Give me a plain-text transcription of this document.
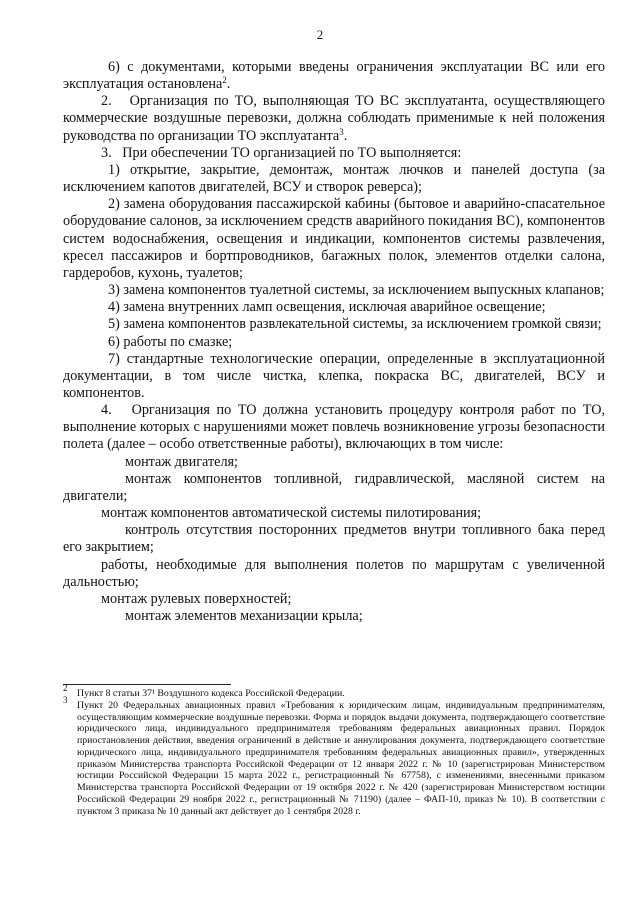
2

6) с документами, которыми введены ограничения эксплуатации ВС или его эксплуатация остановлена$^2$.

2.   Организация по ТО, выполняющая ТО ВС эксплуатанта, осуществляющего коммерческие воздушные перевозки, должна соблюдать применимые к ней положения руководства по организации ТО эксплуатанта$^3$.

3.   При обеспечении ТО организацией по ТО выполняется:

1) открытие, закрытие, демонтаж, монтаж лючков и панелей доступа (за исключением капотов двигателей, ВСУ и створок реверса);

2) замена оборудования пассажирской кабины (бытовое и аварийно-спасательное оборудование салонов, за исключением средств аварийного покидания ВС), компонентов систем водоснабжения, освещения и индикации, компонентов системы развлечения, кресел пассажиров и бортпроводников, багажных полок, элементов отделки салона, гардеробов, кухонь, туалетов;

3) замена компонентов туалетной системы, за исключением выпускных клапанов;

4) замена внутренних ламп освещения, исключая аварийное освещение;

5) замена компонентов развлекательной системы, за исключением громкой связи;

6) работы по смазке;

7) стандартные технологические операции, определенные в эксплуатационной документации, в том числе чистка, клепка, покраска ВС, двигателей, ВСУ и компонентов.

4.   Организация по ТО должна установить процедуру контроля работ по ТО, выполнение которых с нарушениями может повлечь возникновение угрозы безопасности полета (далее – особо ответственные работы), включающих в том числе:

монтаж двигателя;

монтаж компонентов топливной, гидравлической, масляной систем на двигатели;

монтаж компонентов автоматической системы пилотирования;

контроль отсутствия посторонних предметов внутри топливного бака перед его закрытием;

работы, необходимые для выполнения полетов по маршрутам с увеличенной дальностью;

монтаж рулевых поверхностей;

монтаж элементов механизации крыла;

$^2$ Пункт 8 статьи 37¹ Воздушного кодекса Российской Федерации.

$^3$ Пункт 20 Федеральных авиационных правил «Требования к юридическим лицам, индивидуальным предпринимателям, осуществляющим коммерческие воздушные перевозки. Форма и порядок выдачи документа, подтверждающего соответствие юридического лица, индивидуального предпринимателя требованиям федеральных авиационных правил. Порядок приостановления действия, введения ограничений в действие и аннулирования документа, подтверждающего соответствие юридического лица, индивидуального предпринимателя требованиям федеральных авиационных правил», утвержденных приказом Министерства транспорта Российской Федерации от 12 января 2022 г. № 10 (зарегистрирован Министерством юстиции Российской Федерации 15 марта 2022 г., регистрационный № 67758), с изменениями, внесенными приказом Министерства транспорта Российской Федерации от 19 октября 2022 г. № 420 (зарегистрирован Министерством юстиции Российской Федерации 29 ноября 2022 г., регистрационный № 71190) (далее – ФАП-10, приказ № 10). В соответствии с пунктом 3 приказа № 10 данный акт действует до 1 сентября 2028 г.
